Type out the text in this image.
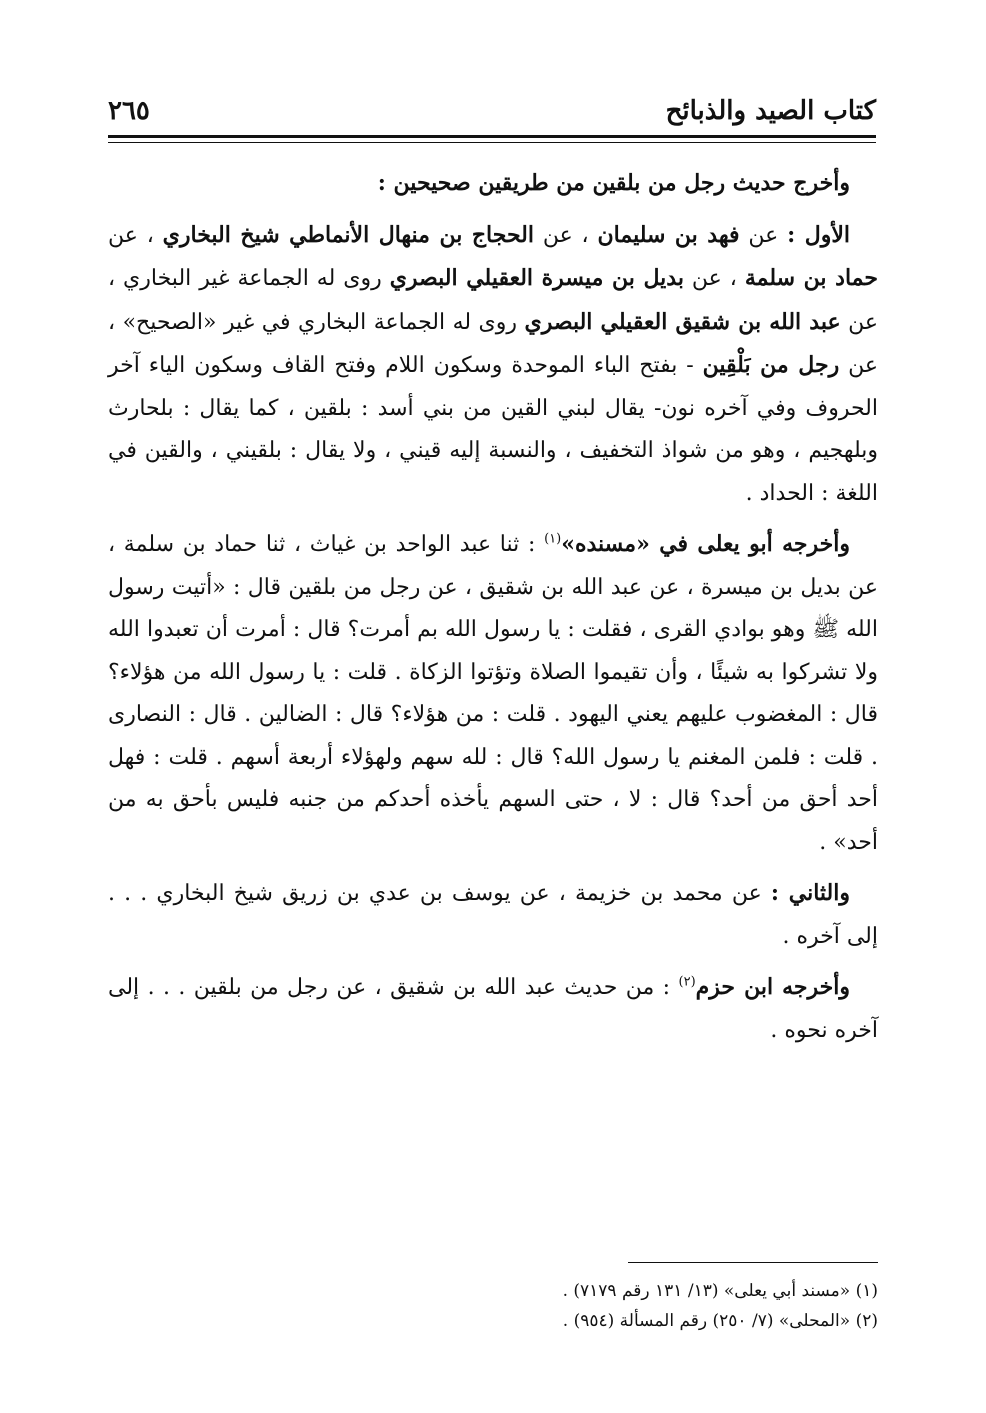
كتاب الصيد والذبائح
٢٦٥

وأخرج حديث رجل من بلقين من طريقين صحيحين :

الأول : عن فهد بن سليمان ، عن الحجاج بن منهال الأنماطي شيخ البخاري ، عن حماد بن سلمة ، عن بديل بن ميسرة العقيلي البصري روى له الجماعة غير البخاري ، عن عبد الله بن شقيق العقيلي البصري روى له الجماعة البخاري في غير «الصحيح» ، عن رجل من بَلْقِين - بفتح الباء الموحدة وسكون اللام وفتح القاف وسكون الياء آخر الحروف وفي آخره نون- يقال لبني القين من بني أسد : بلقين ، كما يقال : بلحارث وبلهجيم ، وهو من شواذ التخفيف ، والنسبة إليه قيني ، ولا يقال : بلقيني ، والقين في اللغة : الحداد .

وأخرجه أبو يعلى في «مسنده»$^{(١)}$ : ثنا عبد الواحد بن غياث ، ثنا حماد بن سلمة ، عن بديل بن ميسرة ، عن عبد الله بن شقيق ، عن رجل من بلقين قال : «أتيت رسول الله ﷺ وهو بوادي القرى ، فقلت : يا رسول الله بم أمرت؟ قال : أمرت أن تعبدوا الله ولا تشركوا به شيئًا ، وأن تقيموا الصلاة وتؤتوا الزكاة . قلت : يا رسول الله من هؤلاء؟ قال : المغضوب عليهم يعني اليهود . قلت : من هؤلاء؟ قال : الضالين . قال : النصارى . قلت : فلمن المغنم يا رسول الله؟ قال : لله سهم ولهؤلاء أربعة أسهم . قلت : فهل أحد أحق من أحد؟ قال : لا ، حتى السهم يأخذه أحدكم من جنبه فليس بأحق به من أحد» .

والثاني : عن محمد بن خزيمة ، عن يوسف بن عدي بن زريق شيخ البخاري . . . إلى آخره .

وأخرجه ابن حزم$^{(٢)}$ : من حديث عبد الله بن شقيق ، عن رجل من بلقين . . . إلى آخره نحوه .

(١) «مسند أبي يعلى» (١٣/ ١٣١ رقم ٧١٧٩) .
(٢) «المحلى» (٧/ ٢٥٠) رقم المسألة (٩٥٤) .
